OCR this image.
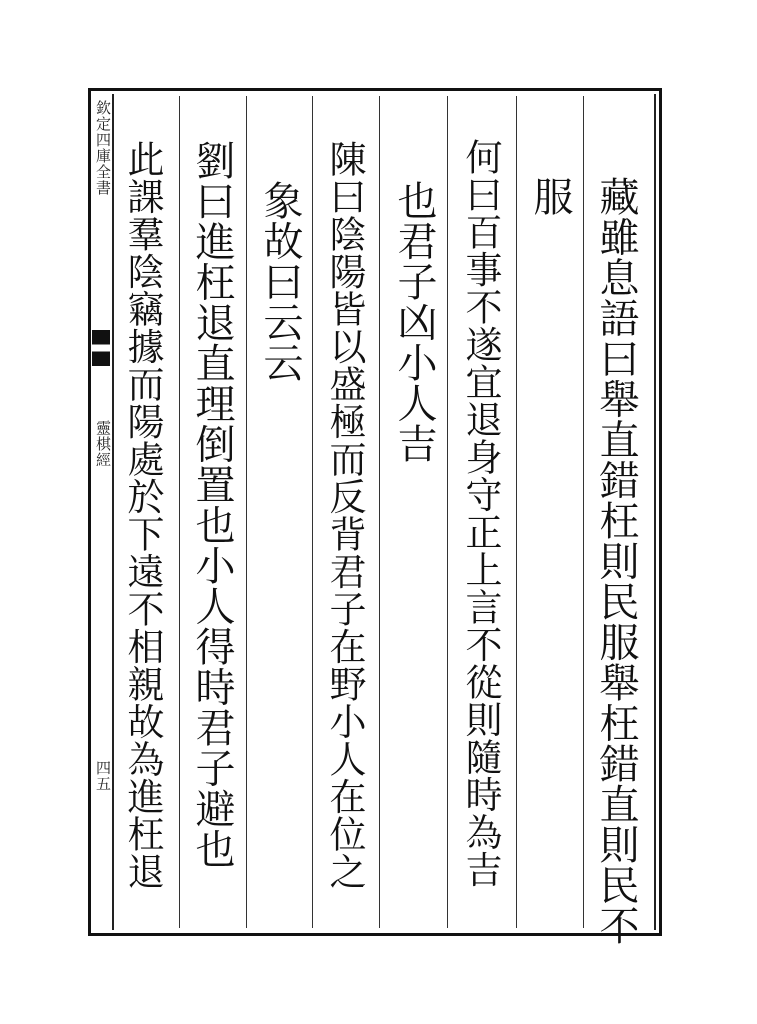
欽定四庫全書
靈棋經
四五	藏雖息語曰舉直錯枉則民服舉枉錯直則民不
服
何曰百事不遂宜退身守正上言不從則隨時為吉
也君子凶小人吉
陳曰陰陽皆以盛極而反背君子在野小人在位之
象故曰云云
劉曰進枉退直理倒置也小人得時君子避也
此課羣陰竊據而陽處於下遠不相親故為進枉退
